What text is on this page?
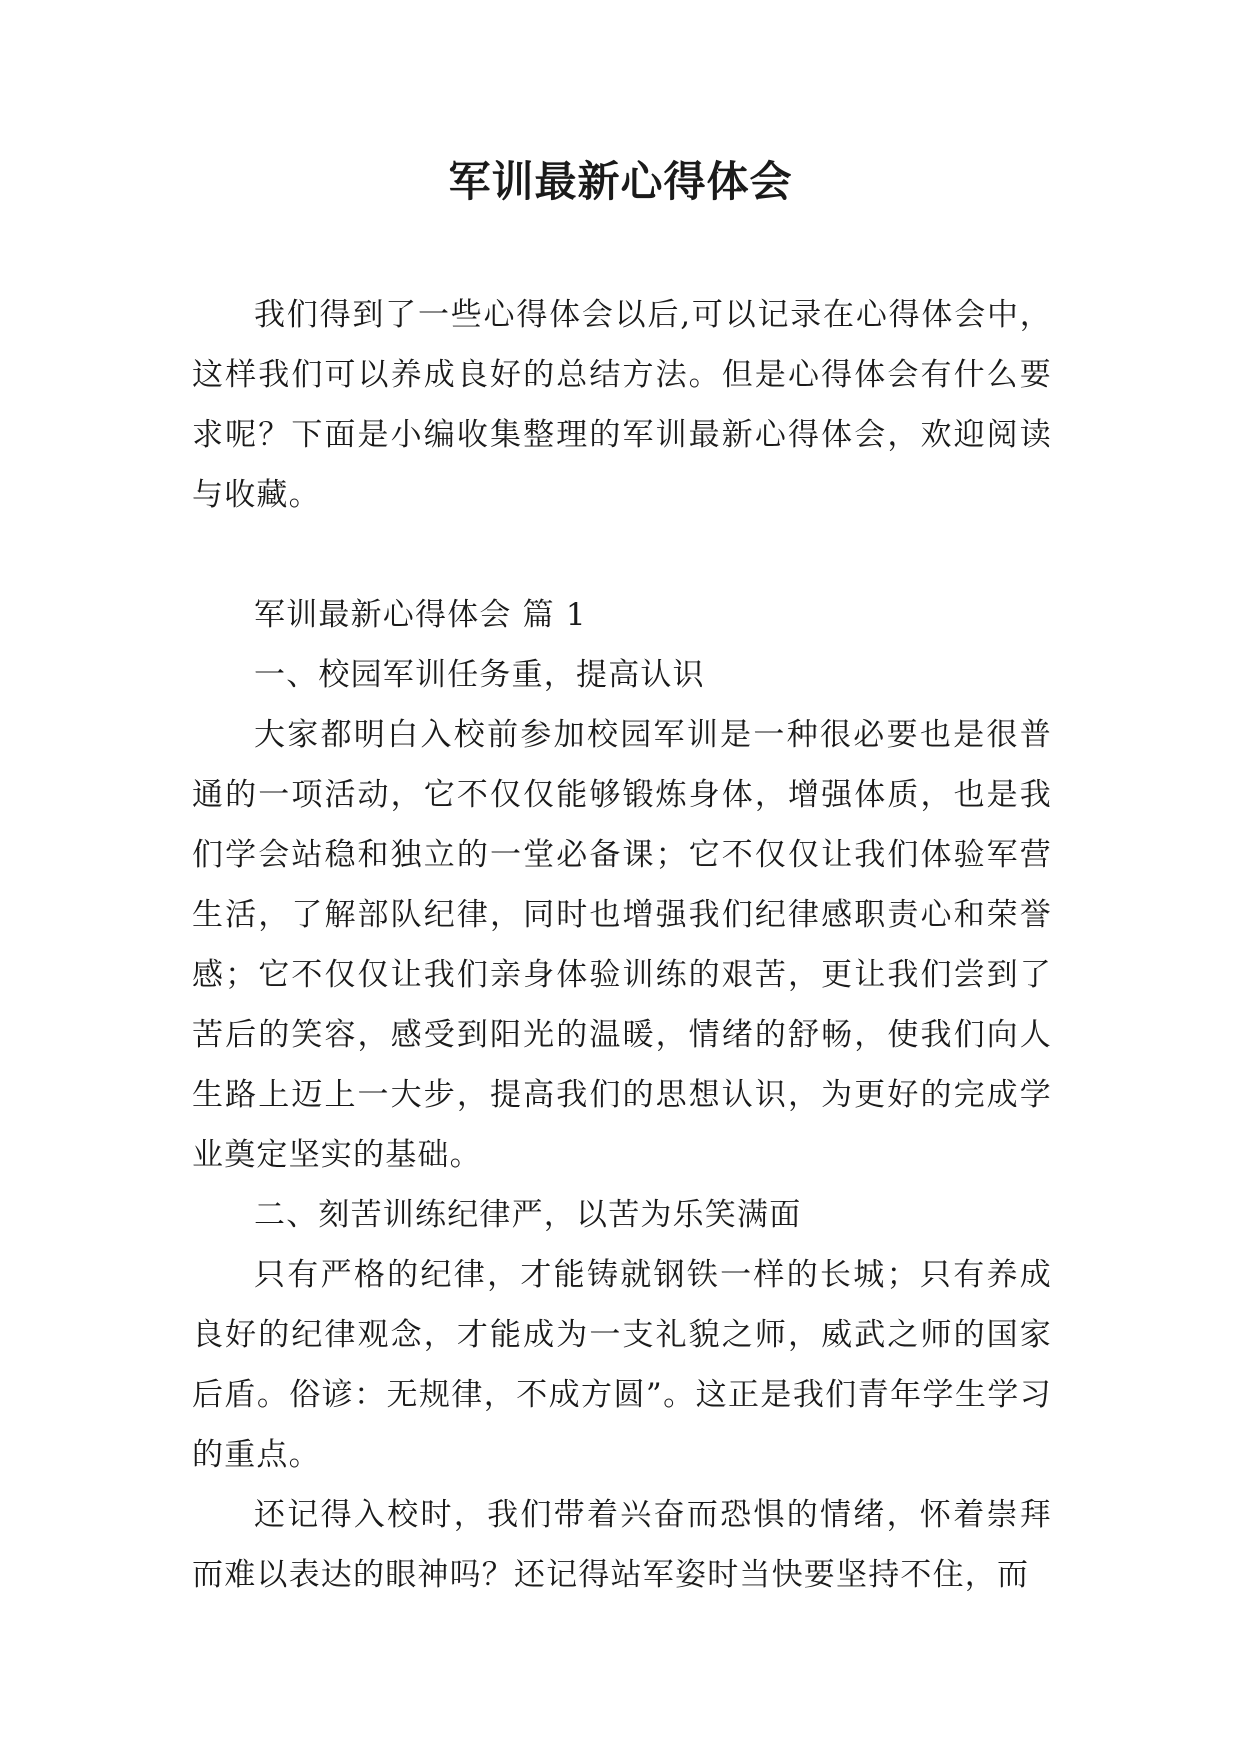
军训最新心得体会

我们得到了一些心得体会以后,可以记录在心得体会中，这样我们可以养成良好的总结方法。但是心得体会有什么要求呢？下面是小编收集整理的军训最新心得体会，欢迎阅读与收藏。

军训最新心得体会 篇 1

一、校园军训任务重，提高认识

大家都明白入校前参加校园军训是一种很必要也是很普通的一项活动，它不仅仅能够锻炼身体，增强体质，也是我们学会站稳和独立的一堂必备课；它不仅仅让我们体验军营生活，了解部队纪律，同时也增强我们纪律感职责心和荣誉感；它不仅仅让我们亲身体验训练的艰苦，更让我们尝到了苦后的笑容，感受到阳光的温暖，情绪的舒畅，使我们向人生路上迈上一大步，提高我们的思想认识，为更好的完成学业奠定坚实的基础。

二、刻苦训练纪律严，以苦为乐笑满面

只有严格的纪律，才能铸就钢铁一样的长城；只有养成良好的纪律观念，才能成为一支礼貌之师，威武之师的国家后盾。俗谚：无规律，不成方圆”。这正是我们青年学生学习的重点。

还记得入校时，我们带着兴奋而恐惧的情绪，怀着崇拜而难以表达的眼神吗？还记得站军姿时当快要坚持不住，而
